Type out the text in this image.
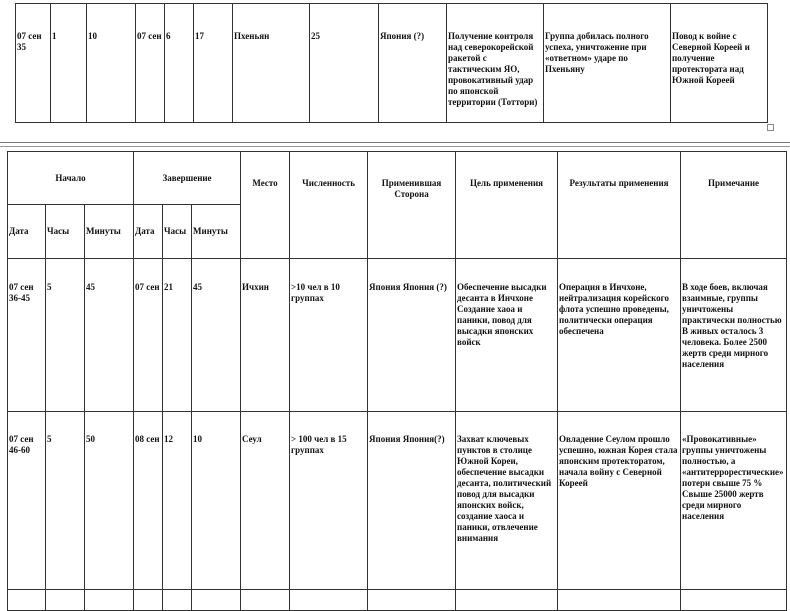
07 сен 35	1	10	07 сен	6	17	Пхеньян	25	Япония (?)	Получение контроля над северокорейской ракетой с тактическим ЯО, провокативный удар по японской территории (Тоттори)	Группа добилась полного успеха, уничтожение при «ответном» ударе по Пхеньяну	Повод к войне с Северной Кореей и получение протектората над Южной Кореей
Начало			Завершение			Место	Численность	Применившая Сторона	Цель применения	Результаты применения	Примечание
Дата	Часы	Минуты	Дата	Часы	Минуты						
07 сен 36-45	5	45	07 сен	21	45	Ичхин	>10 чел в 10 группах	Япония Япония (?)	Обеспечение высадки десанта в Инчхоне Создание хаоа и паники, повод для высадки японских войск	Операция в Инчхоне, нейтрализация корейского флота успешно проведены, политически операция обеспечена	В ходе боев, включая взаимные, группы уничтожены практически полностью В живых осталось 3 человека. Более 2500 жертв среди мирного населения
07 сен 46-60	5	50	08 сен	12	10	Сеул	> 100 чел в 15 группах	Япония Япония(?)	Захват ключевых пунктов в столице Южной Кореи, обеспечение высадки десанта, политический повод для высадки японских войск, создание хаоса и паники, отвлечение внимания	Овладение Сеулом прошло успешно, южная Корея стала японским протекторатом, начала войну с Северной Кореей	«Провокативные» группы уничтожены полностью, а «антитеррорестические» потери свыше 75 % Свыше 25000 жертв среди мирного населения
